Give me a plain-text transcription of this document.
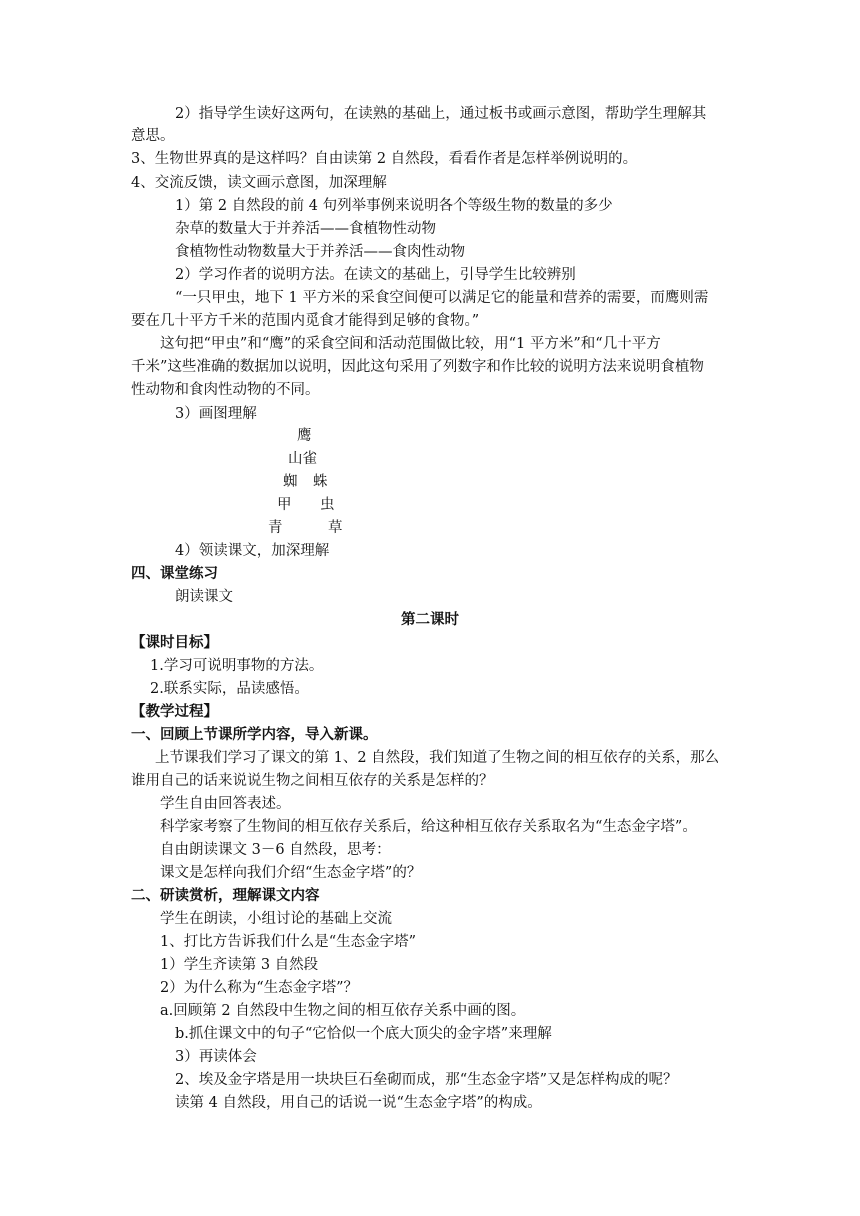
2）指导学生读好这两句，在读熟的基础上，通过板书或画示意图，帮助学生理解其
意思。
3、生物世界真的是这样吗？自由读第 2 自然段，看看作者是怎样举例说明的。
4、交流反馈，读文画示意图，加深理解
1）第 2 自然段的前 4 句列举事例来说明各个等级生物的数量的多少
杂草的数量大于并养活——食植物性动物
食植物性动物数量大于并养活——食肉性动物
2）学习作者的说明方法。在读文的基础上，引导学生比较辨别
“一只甲虫，地下 1 平方米的采食空间便可以满足它的能量和营养的需要，而鹰则需
要在几十平方千米的范围内觅食才能得到足够的食物。”
这句把“甲虫”和“鹰”的采食空间和活动范围做比较，用“1 平方米”和“几十平方
千米”这些准确的数据加以说明，因此这句采用了列数字和作比较的说明方法来说明食植物
性动物和食肉性动物的不同。
3）画图理解
鹰
山雀
蜘 蛛
甲 虫
青	草
4）领读课文，加深理解
四、课堂练习
朗读课文
第二课时
【课时目标】
1.学习可说明事物的方法。
2.联系实际，品读感悟。
【教学过程】
一、回顾上节课所学内容，导入新课。
上节课我们学习了课文的第 1、2 自然段，我们知道了生物之间的相互依存的关系，那么
谁用自己的话来说说生物之间相互依存的关系是怎样的？
学生自由回答表述。
科学家考察了生物间的相互依存关系后，给这种相互依存关系取名为“生态金字塔”。
自由朗读课文 3－6 自然段，思考：
课文是怎样向我们介绍“生态金字塔”的？
二、研读赏析，理解课文内容
学生在朗读，小组讨论的基础上交流
1、打比方告诉我们什么是“生态金字塔”
1）学生齐读第 3 自然段
2）为什么称为“生态金字塔”？
a.回顾第 2 自然段中生物之间的相互依存关系中画的图。
b.抓住课文中的句子“它恰似一个底大顶尖的金字塔”来理解
3）再读体会
2、埃及金字塔是用一块块巨石垒砌而成，那“生态金字塔”又是怎样构成的呢？
读第 4 自然段，用自己的话说一说“生态金字塔”的构成。
